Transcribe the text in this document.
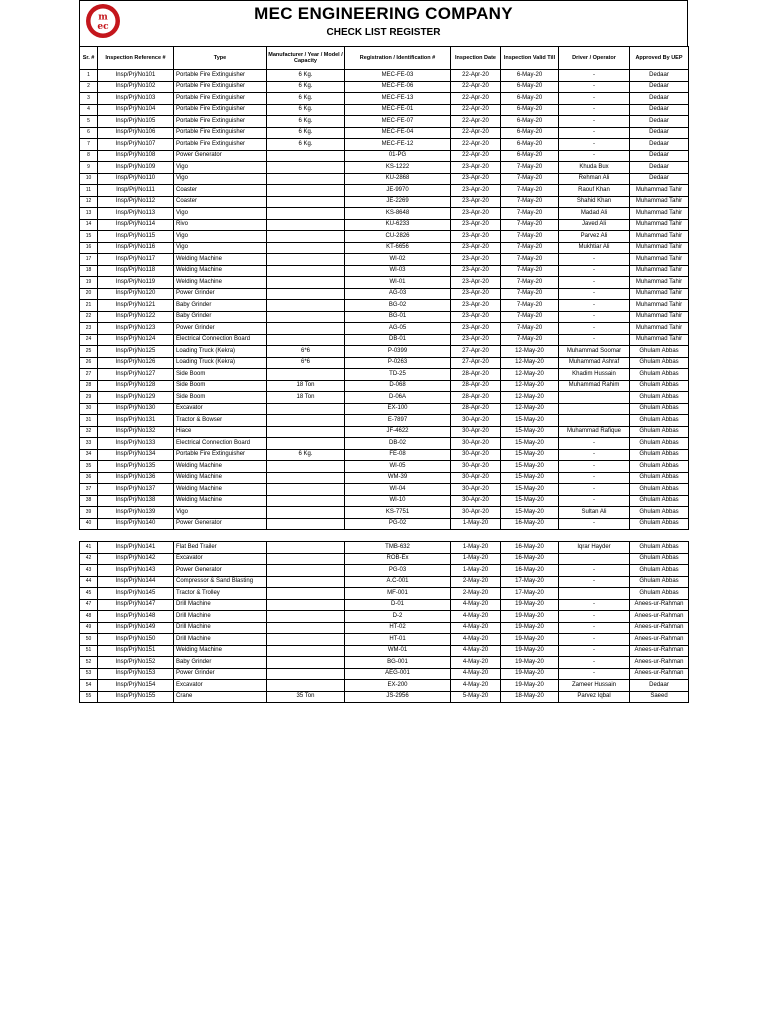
m
ec
MEC ENGINEERING COMPANY
CHECK LIST REGISTER
Sr. #	Inspection Reference #	Type	Manufacturer / Year / Model / Capacity	Registration / Identification #	Inspection Date	Inspection Valid Till	Driver / Operator	Approved By UEP
1	Insp/Prj/No101	Portable Fire Extinguisher	6 Kg.	MEC-FE-03	22-Apr-20	6-May-20	-	Dedaar
2	Insp/Prj/No102	Portable Fire Extinguisher	6 Kg.	MEC-FE-06	22-Apr-20	6-May-20	-	Dedaar
3	Insp/Prj/No103	Portable Fire Extinguisher	6 Kg.	MEC-FE-13	22-Apr-20	6-May-20	-	Dedaar
4	Insp/Prj/No104	Portable Fire Extinguisher	6 Kg.	MEC-FE-01	22-Apr-20	6-May-20	-	Dedaar
5	Insp/Prj/No105	Portable Fire Extinguisher	6 Kg.	MEC-FE-07	22-Apr-20	6-May-20	-	Dedaar
6	Insp/Prj/No106	Portable Fire Extinguisher	6 Kg.	MEC-FE-04	22-Apr-20	6-May-20	-	Dedaar
7	Insp/Prj/No107	Portable Fire Extinguisher	6 Kg.	MEC-FE-12	22-Apr-20	6-May-20	-	Dedaar
8	Insp/Prj/No108	Power Generator		01-PG	22-Apr-20	6-May-20	-	Dedaar
9	Insp/Prj/No109	Vigo		KS-1222	23-Apr-20	7-May-20	Khuda Bux	Dedaar
10	Insp/Prj/No110	Vigo		KU-2868	23-Apr-20	7-May-20	Rehman Ali	Dedaar
11	Insp/Prj/No111	Coaster		JE-9970	23-Apr-20	7-May-20	Raouf Khan	Muhammad Tahir
12	Insp/Prj/No112	Coaster		JE-2269	23-Apr-20	7-May-20	Shahid Khan	Muhammad Tahir
13	Insp/Prj/No113	Vigo		KS-8648	23-Apr-20	7-May-20	Madad Ali	Muhammad Tahir
14	Insp/Prj/No114	Rivo		KU-6233	23-Apr-20	7-May-20	Javed Ali	Muhammad Tahir
15	Insp/Prj/No115	Vigo		CU-2826	23-Apr-20	7-May-20	Parvez Ali	Muhammad Tahir
16	Insp/Prj/No116	Vigo		KT-6656	23-Apr-20	7-May-20	Mukhtiar Ali	Muhammad Tahir
17	Insp/Prj/No117	Welding Machine		WI-02	23-Apr-20	7-May-20	-	Muhammad Tahir
18	Insp/Prj/No118	Welding Machine		WI-03	23-Apr-20	7-May-20	-	Muhammad Tahir
19	Insp/Prj/No119	Welding Machine		WI-01	23-Apr-20	7-May-20	-	Muhammad Tahir
20	Insp/Prj/No120	Power Grinder		AG-03	23-Apr-20	7-May-20	-	Muhammad Tahir
21	Insp/Prj/No121	Baby Grinder		BG-02	23-Apr-20	7-May-20	-	Muhammad Tahir
22	Insp/Prj/No122	Baby Grinder		BG-01	23-Apr-20	7-May-20	-	Muhammad Tahir
23	Insp/Prj/No123	Power Grinder		AG-05	23-Apr-20	7-May-20	-	Muhammad Tahir
24	Insp/Prj/No124	Electrical Connection Board		DB-01	23-Apr-20	7-May-20	-	Muhammad Tahir
25	Insp/Prj/No125	Loading Truck (Kekra)	6*6	P-0399	27-Apr-20	12-May-20	Muhammad Soomar	Ghulam Abbas
26	Insp/Prj/No126	Loading Truck (Kekra)	6*6	P-0263	27-Apr-20	12-May-20	Muhammad Ashraf	Ghulam Abbas
27	Insp/Prj/No127	Side Boom		TD-25	28-Apr-20	12-May-20	Khadim Hussain	Ghulam Abbas
28	Insp/Prj/No128	Side Boom	18 Ton	D-068	28-Apr-20	12-May-20	Muhammad Rahim	Ghulam Abbas
29	Insp/Prj/No129	Side Boom	18 Ton	D-06A	28-Apr-20	12-May-20		Ghulam Abbas
30	Insp/Prj/No130	Excavator		EX-100	28-Apr-20	12-May-20		Ghulam Abbas
31	Insp/Prj/No131	Tractor & Bowser		E-7897	30-Apr-20	15-May-20		Ghulam Abbas
32	Insp/Prj/No132	Hiace		JF-4622	30-Apr-20	15-May-20	Muhammad Rafique	Ghulam Abbas
33	Insp/Prj/No133	Electrical Connection Board		DB-02	30-Apr-20	15-May-20	-	Ghulam Abbas
34	Insp/Prj/No134	Portable Fire Extinguisher	6 Kg.	FE-08	30-Apr-20	15-May-20	-	Ghulam Abbas
35	Insp/Prj/No135	Welding Machine		WI-05	30-Apr-20	15-May-20	-	Ghulam Abbas
36	Insp/Prj/No136	Welding Machine		WM-39	30-Apr-20	15-May-20	-	Ghulam Abbas
37	Insp/Prj/No137	Welding Machine		WI-04	30-Apr-20	15-May-20	-	Ghulam Abbas
38	Insp/Prj/No138	Welding Machine		WI-10	30-Apr-20	15-May-20	-	Ghulam Abbas
39	Insp/Prj/No139	Vigo		KS-7751	30-Apr-20	15-May-20	Sultan Ali	Ghulam Abbas
40	Insp/Prj/No140	Power Generator		PG-02	1-May-20	16-May-20	-	Ghulam Abbas
41	Insp/Prj/No141	Flat Bed Trailer		TMB-632	1-May-20	16-May-20	Iqrar Hayder	Ghulam Abbas
42	Insp/Prj/No142	Excavator		ROB-Ex	1-May-20	16-May-20		Ghulam Abbas
43	Insp/Prj/No143	Power Generator		PG-03	1-May-20	16-May-20	-	Ghulam Abbas
44	Insp/Prj/No144	Compressor & Sand Blasting		A.C-001	2-May-20	17-May-20	-	Ghulam Abbas
45	Insp/Prj/No145	Tractor & Trolley		MF-001	2-May-20	17-May-20		Ghulam Abbas
47	Insp/Prj/No147	Drill Machine		D-01	4-May-20	19-May-20	-	Anees-ur-Rahman
48	Insp/Prj/No148	Drill Machine		D-2	4-May-20	19-May-20	-	Anees-ur-Rahman
49	Insp/Prj/No149	Drill Machine		HT-02	4-May-20	19-May-20	-	Anees-ur-Rahman
50	Insp/Prj/No150	Drill Machine		HT-01	4-May-20	19-May-20	-	Anees-ur-Rahman
51	Insp/Prj/No151	Welding Machine		WM-01	4-May-20	19-May-20	-	Anees-ur-Rahman
52	Insp/Prj/No152	Baby Grinder		BG-001	4-May-20	19-May-20	-	Anees-ur-Rahman
53	Insp/Prj/No153	Power Grinder		AEG-001	4-May-20	19-May-20	-	Anees-ur-Rahman
54	Insp/Prj/No154	Excavator		EX-200	4-May-20	19-May-20	Zameer Hussain	Dedaar
55	Insp/Prj/No155	Crane	35 Ton	JS-2956	5-May-20	18-May-20	Parvez Iqbal	Saeed
